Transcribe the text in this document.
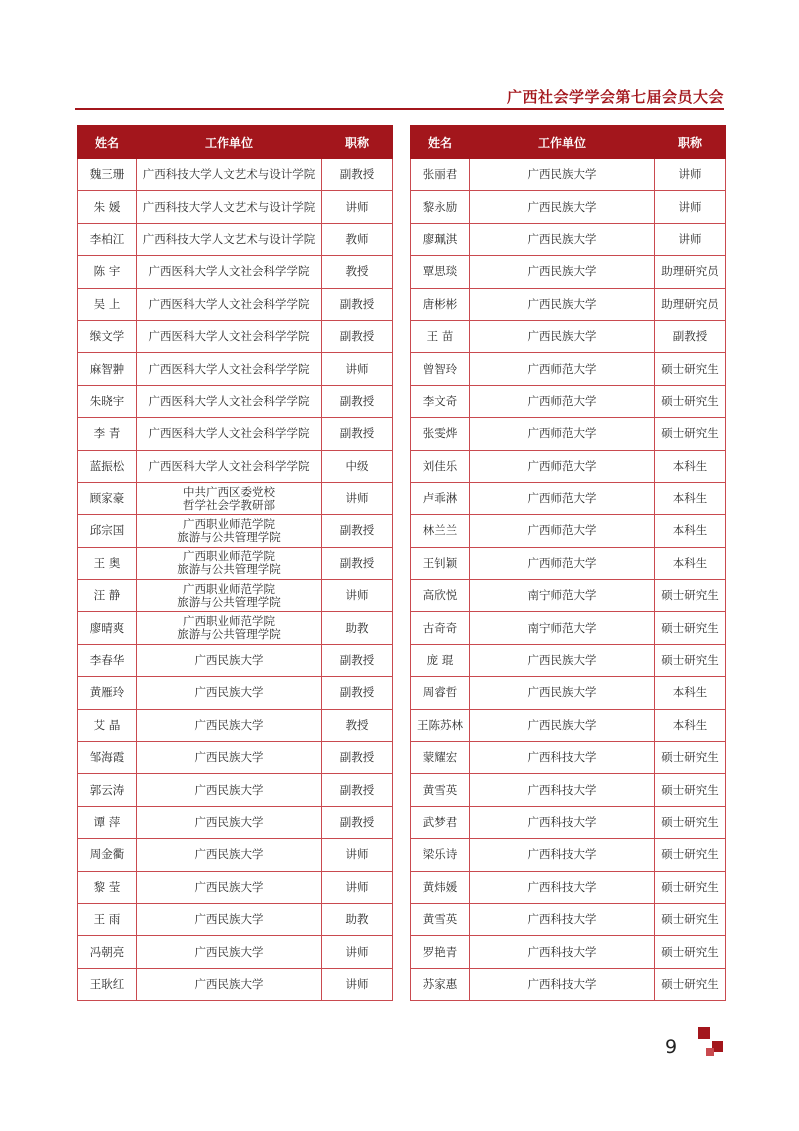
广西社会学学会第七届会员大会
姓名	工作单位	职称
魏三珊	广西科技大学人文艺术与设计学院	副教授
朱 媛	广西科技大学人文艺术与设计学院	讲师
李柏江	广西科技大学人文艺术与设计学院	教师
陈 宇	广西医科大学人文社会科学学院	教授
吴 上	广西医科大学人文社会科学学院	副教授
缑文学	广西医科大学人文社会科学学院	副教授
麻智翀	广西医科大学人文社会科学学院	讲师
朱晓宇	广西医科大学人文社会科学学院	副教授
李 青	广西医科大学人文社会科学学院	副教授
蓝振松	广西医科大学人文社会科学学院	中级
顾家豪	中共广西区委党校
哲学社会学教研部	讲师
邱宗国	广西职业师范学院
旅游与公共管理学院	副教授
王 奥	广西职业师范学院
旅游与公共管理学院	副教授
汪 静	广西职业师范学院
旅游与公共管理学院	讲师
廖晴爽	广西职业师范学院
旅游与公共管理学院	助教
李春华	广西民族大学	副教授
黄雁玲	广西民族大学	副教授
艾 晶	广西民族大学	教授
邹海霞	广西民族大学	副教授
郭云涛	广西民族大学	副教授
谭 萍	广西民族大学	副教授
周金衢	广西民族大学	讲师
黎 莹	广西民族大学	讲师
王 雨	广西民族大学	助教
冯朝亮	广西民族大学	讲师
王耿红	广西民族大学	讲师
姓名	工作单位	职称
张丽君	广西民族大学	讲师
黎永励	广西民族大学	讲师
廖珮淇	广西民族大学	讲师
覃思琰	广西民族大学	助理研究员
唐彬彬	广西民族大学	助理研究员
王 苗	广西民族大学	副教授
曾智玲	广西师范大学	硕士研究生
李文奇	广西师范大学	硕士研究生
张雯烨	广西师范大学	硕士研究生
刘佳乐	广西师范大学	本科生
卢乖淋	广西师范大学	本科生
林兰兰	广西师范大学	本科生
王钊颖	广西师范大学	本科生
高欣悦	南宁师范大学	硕士研究生
古奇奇	南宁师范大学	硕士研究生
庞 琨	广西民族大学	硕士研究生
周睿哲	广西民族大学	本科生
王陈苏林	广西民族大学	本科生
蒙耀宏	广西科技大学	硕士研究生
黄雪英	广西科技大学	硕士研究生
武梦君	广西科技大学	硕士研究生
梁乐诗	广西科技大学	硕士研究生
黄炜媛	广西科技大学	硕士研究生
黄雪英	广西科技大学	硕士研究生
罗艳青	广西科技大学	硕士研究生
苏家惠	广西科技大学	硕士研究生
9
